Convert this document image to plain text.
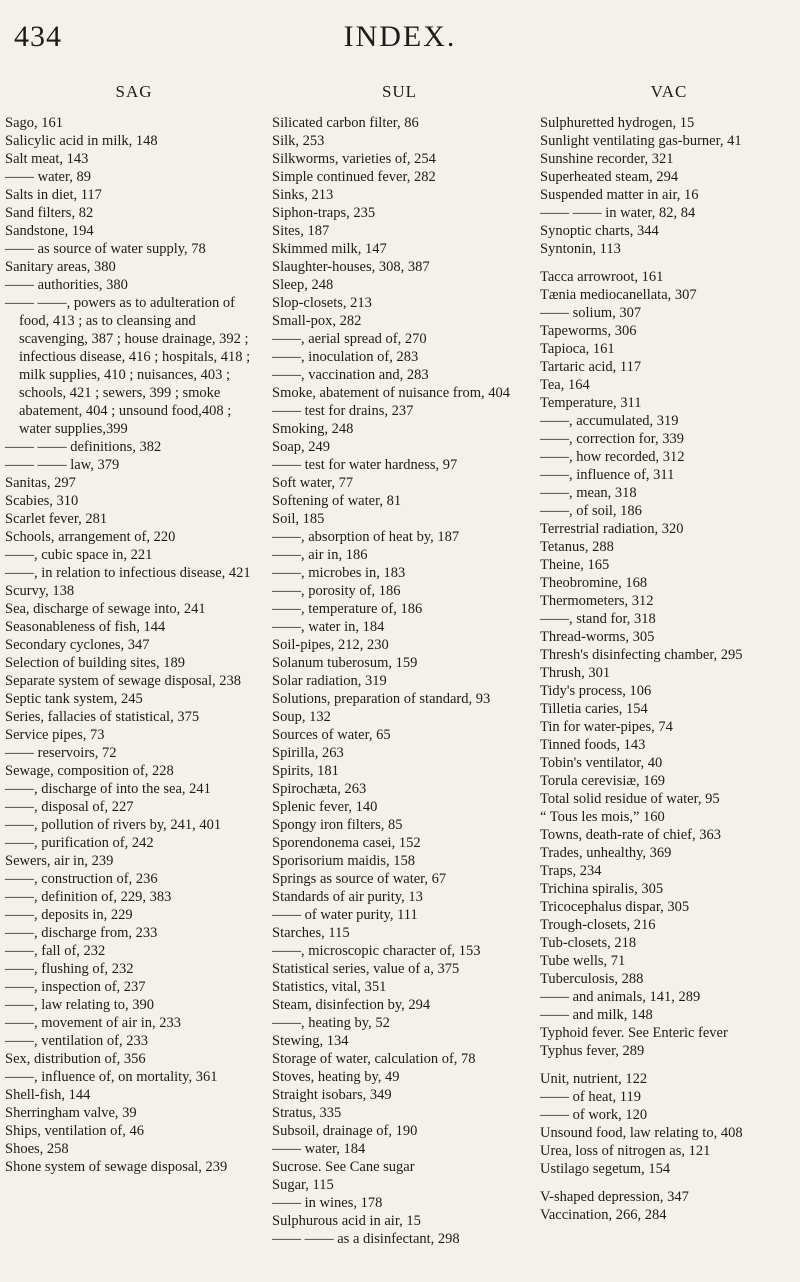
434	INDEX.
SAG

Sago, 161

Salicylic acid in milk, 148

Salt meat, 143

—— water, 89

Salts in diet, 117

Sand filters, 82

Sandstone, 194

—— as source of water supply, 78

Sanitary areas, 380

—— authorities, 380

—— ——, powers as to adulteration of food, 413 ; as to cleansing and scavenging, 387 ; house drainage, 392 ; infectious disease, 416 ; hospitals, 418 ; milk supplies, 410 ; nuisances, 403 ; schools, 421 ; sewers, 399 ; smoke abatement, 404 ; unsound food,408 ; water supplies,399

—— —— definitions, 382

—— —— law, 379

Sanitas, 297

Scabies, 310

Scarlet fever, 281

Schools, arrangement of, 220

——, cubic space in, 221

——, in relation to infectious disease, 421

Scurvy, 138

Sea, discharge of sewage into, 241

Seasonableness of fish, 144

Secondary cyclones, 347

Selection of building sites, 189

Separate system of sewage disposal, 238

Septic tank system, 245

Series, fallacies of statistical, 375

Service pipes, 73

—— reservoirs, 72

Sewage, composition of, 228

——, discharge of into the sea, 241

——, disposal of, 227

——, pollution of rivers by, 241, 401

——, purification of, 242

Sewers, air in, 239

——, construction of, 236

——, definition of, 229, 383

——, deposits in, 229

——, discharge from, 233

——, fall of, 232

——, flushing of, 232

——, inspection of, 237

——, law relating to, 390

——, movement of air in, 233

——, ventilation of, 233

Sex, distribution of, 356

——, influence of, on mortality, 361

Shell-fish, 144

Sherringham valve, 39

Ships, ventilation of, 46

Shoes, 258

Shone system of sewage disposal, 239

SUL

Silicated carbon filter, 86

Silk, 253

Silkworms, varieties of, 254

Simple continued fever, 282

Sinks, 213

Siphon-traps, 235

Sites, 187

Skimmed milk, 147

Slaughter-houses, 308, 387

Sleep, 248

Slop-closets, 213

Small-pox, 282

——, aerial spread of, 270

——, inoculation of, 283

——, vaccination and, 283

Smoke, abatement of nuisance from, 404

—— test for drains, 237

Smoking, 248

Soap, 249

—— test for water hardness, 97

Soft water, 77

Softening of water, 81

Soil, 185

——, absorption of heat by, 187

——, air in, 186

——, microbes in, 183

——, porosity of, 186

——, temperature of, 186

——, water in, 184

Soil-pipes, 212, 230

Solanum tuberosum, 159

Solar radiation, 319

Solutions, preparation of standard, 93

Soup, 132

Sources of water, 65

Spirilla, 263

Spirits, 181

Spirochæta, 263

Splenic fever, 140

Spongy iron filters, 85

Sporendonema casei, 152

Sporisorium maidis, 158

Springs as source of water, 67

Standards of air purity, 13

—— of water purity, 111

Starches, 115

——, microscopic character of, 153

Statistical series, value of a, 375

Statistics, vital, 351

Steam, disinfection by, 294

——, heating by, 52

Stewing, 134

Storage of water, calculation of, 78

Stoves, heating by, 49

Straight isobars, 349

Stratus, 335

Subsoil, drainage of, 190

—— water, 184

Sucrose. See Cane sugar

Sugar, 115

—— in wines, 178

Sulphurous acid in air, 15

—— —— as a disinfectant, 298

VAC

Sulphuretted hydrogen, 15

Sunlight ventilating gas-burner, 41

Sunshine recorder, 321

Superheated steam, 294

Suspended matter in air, 16

—— —— in water, 82, 84

Synoptic charts, 344

Syntonin, 113

Tacca arrowroot, 161

Tænia mediocanellata, 307

—— solium, 307

Tapeworms, 306

Tapioca, 161

Tartaric acid, 117

Tea, 164

Temperature, 311

——, accumulated, 319

——, correction for, 339

——, how recorded, 312

——, influence of, 311

——, mean, 318

——, of soil, 186

Terrestrial radiation, 320

Tetanus, 288

Theine, 165

Theobromine, 168

Thermometers, 312

——, stand for, 318

Thread-worms, 305

Thresh's disinfecting chamber, 295

Thrush, 301

Tidy's process, 106

Tilletia caries, 154

Tin for water-pipes, 74

Tinned foods, 143

Tobin's ventilator, 40

Torula cerevisiæ, 169

Total solid residue of water, 95

“ Tous les mois,” 160

Towns, death-rate of chief, 363

Trades, unhealthy, 369

Traps, 234

Trichina spiralis, 305

Tricocephalus dispar, 305

Trough-closets, 216

Tub-closets, 218

Tube wells, 71

Tuberculosis, 288

—— and animals, 141, 289

—— and milk, 148

Typhoid fever. See Enteric fever

Typhus fever, 289

Unit, nutrient, 122

—— of heat, 119

—— of work, 120

Unsound food, law relating to, 408

Urea, loss of nitrogen as, 121

Ustilago segetum, 154

V-shaped depression, 347

Vaccination, 266, 284
